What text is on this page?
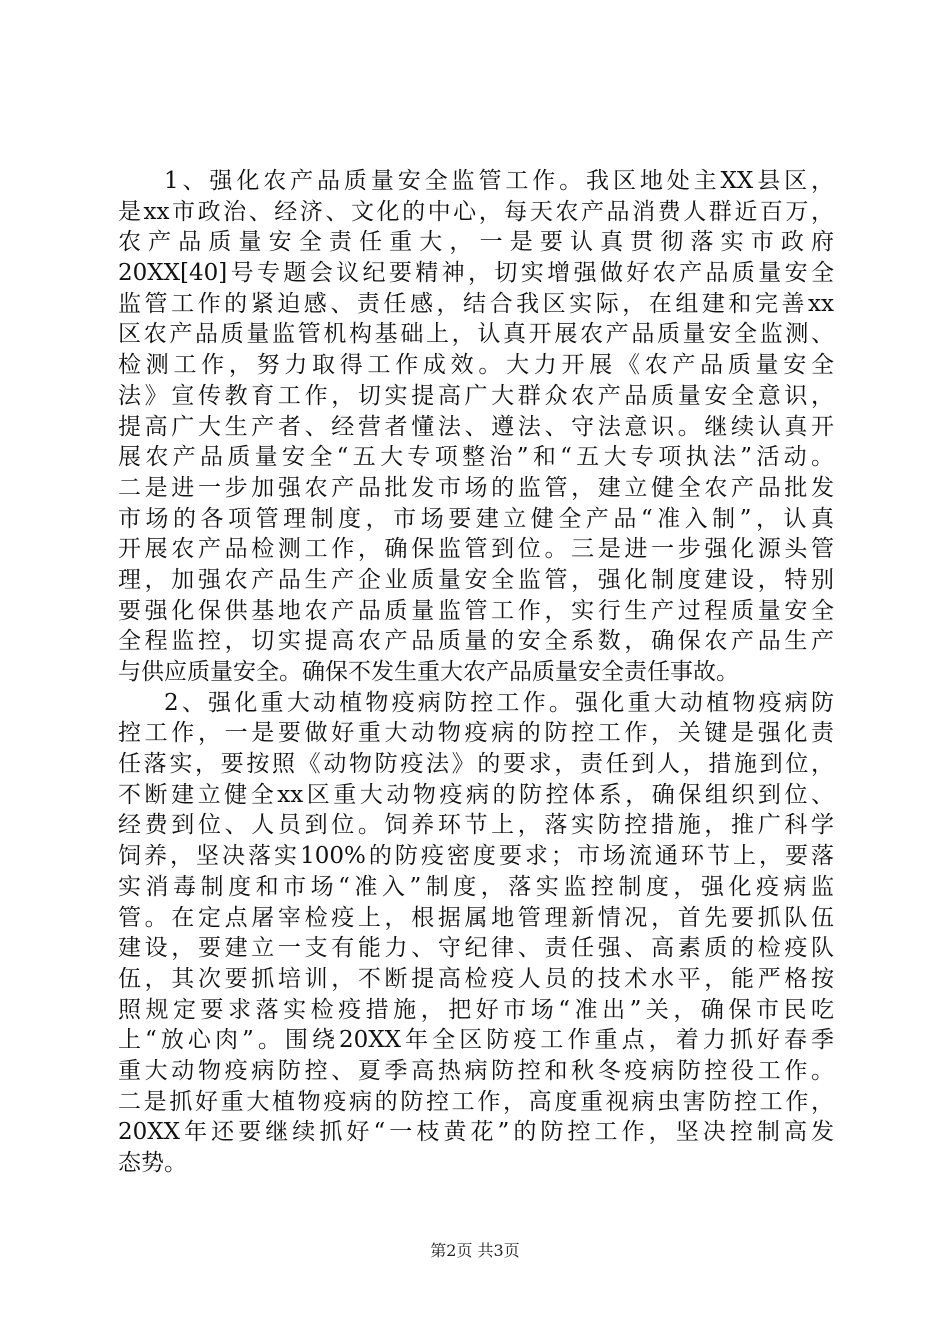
1、强化农产品质量安全监管工作。我区地处主XX县区，
是xx市政治、经济、文化的中心，每天农产品消费人群近百万，
农产品质量安全责任重大，一是要认真贯彻落实市政府
20XX[40]号专题会议纪要精神，切实增强做好农产品质量安全
监管工作的紧迫感、责任感，结合我区实际，在组建和完善xx
区农产品质量监管机构基础上，认真开展农产品质量安全监测、
检测工作，努力取得工作成效。大力开展《农产品质量安全
法》宣传教育工作，切实提高广大群众农产品质量安全意识，
提高广大生产者、经营者懂法、遵法、守法意识。继续认真开
展农产品质量安全“五大专项整治”和“五大专项执法”活动。
二是进一步加强农产品批发市场的监管，建立健全农产品批发
市场的各项管理制度，市场要建立健全产品“准入制”，认真
开展农产品检测工作，确保监管到位。三是进一步强化源头管
理，加强农产品生产企业质量安全监管，强化制度建设，特别
要强化保供基地农产品质量监管工作，实行生产过程质量安全
全程监控，切实提高农产品质量的安全系数，确保农产品生产
与供应质量安全。确保不发生重大农产品质量安全责任事故。
2、强化重大动植物疫病防控工作。强化重大动植物疫病防
控工作，一是要做好重大动物疫病的防控工作，关键是强化责
任落实，要按照《动物防疫法》的要求，责任到人，措施到位，
不断建立健全xx区重大动物疫病的防控体系，确保组织到位、
经费到位、人员到位。饲养环节上，落实防控措施，推广科学
饲养，坚决落实100%的防疫密度要求；市场流通环节上，要落
实消毒制度和市场“准入”制度，落实监控制度，强化疫病监
管。在定点屠宰检疫上，根据属地管理新情况，首先要抓队伍
建设，要建立一支有能力、守纪律、责任强、高素质的检疫队
伍，其次要抓培训，不断提高检疫人员的技术水平，能严格按
照规定要求落实检疫措施，把好市场“准出”关，确保市民吃
上“放心肉”。围绕20XX年全区防疫工作重点，着力抓好春季
重大动物疫病防控、夏季高热病防控和秋冬疫病防控役工作。
二是抓好重大植物疫病的防控工作，高度重视病虫害防控工作，
20XX年还要继续抓好“一枝黄花”的防控工作，坚决控制高发
态势。
第2页 共3页
